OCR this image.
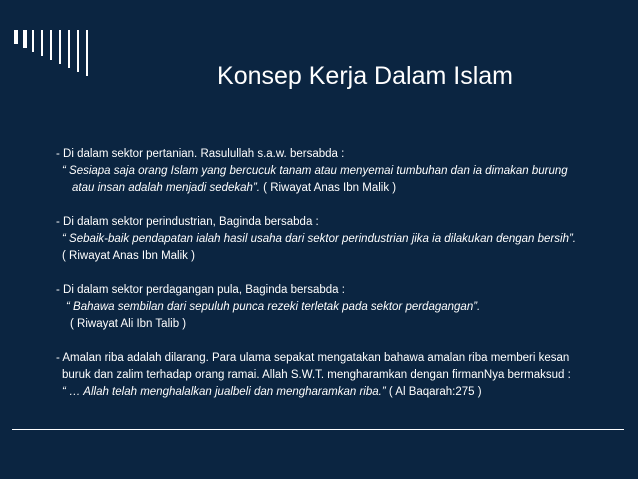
Konsep Kerja Dalam Islam
- Di dalam sektor pertanian. Rasulullah s.a.w. bersabda :
“ Sesiapa saja orang Islam yang bercucuk tanam atau menyemai tumbuhan dan ia dimakan burung
atau insan adalah menjadi sedekah”. ( Riwayat Anas Ibn Malik )
- Di dalam sektor perindustrian, Baginda bersabda :
“ Sebaik-baik pendapatan ialah hasil usaha dari sektor perindustrian jika ia dilakukan dengan bersih”.
( Riwayat Anas Ibn Malik )
- Di dalam sektor perdagangan pula, Baginda bersabda :
“ Bahawa sembilan dari sepuluh punca rezeki terletak pada sektor perdagangan”.
( Riwayat Ali Ibn Talib )
- Amalan riba adalah dilarang. Para ulama sepakat mengatakan bahawa amalan riba memberi kesan
buruk dan zalim terhadap orang ramai. Allah S.W.T. mengharamkan dengan firmanNya bermaksud :
“ … Allah telah menghalalkan jualbeli dan mengharamkan riba.” ( Al Baqarah:275 )
